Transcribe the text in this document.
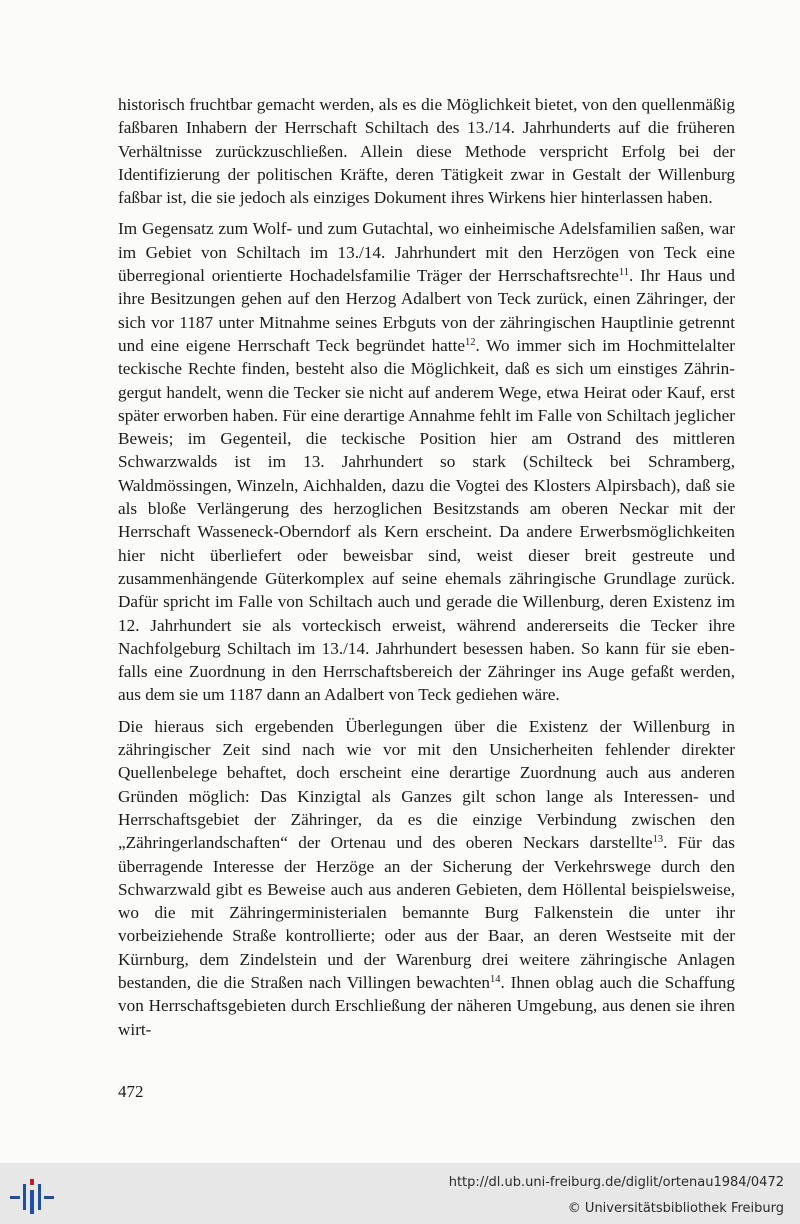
historisch fruchtbar gemacht werden, als es die Möglichkeit bietet, von den quellenmäßig faßbaren Inhabern der Herrschaft Schiltach des 13./14. Jahrhunderts auf die früheren Verhältnisse zurückzuschließen. Allein diese Methode verspricht Erfolg bei der Identifizierung der politischen Kräfte, deren Tätigkeit zwar in Gestalt der Willenburg faßbar ist, die sie jedoch als einziges Dokument ihres Wirkens hier hinterlassen haben.

Im Gegensatz zum Wolf- und zum Gutachtal, wo einheimische Adelsfamilien saßen, war im Gebiet von Schiltach im 13./14. Jahrhundert mit den Herzögen von Teck eine überregional orientierte Hochadelsfamilie Träger der Herrschaftsrechte$^{11}$. Ihr Haus und ihre Besitzungen gehen auf den Herzog Adalbert von Teck zurück, einen Zähringer, der sich vor 1187 unter Mitnahme seines Erbguts von der zähringischen Hauptlinie getrennt und eine eigene Herrschaft Teck begründet hatte$^{12}$. Wo immer sich im Hochmittelalter teckische Rechte finden, besteht also die Möglichkeit, daß es sich um einstiges Zähringergut handelt, wenn die Tecker sie nicht auf anderem Wege, etwa Heirat oder Kauf, erst später erworben haben. Für eine derartige Annahme fehlt im Falle von Schiltach jeglicher Beweis; im Gegenteil, die teckische Position hier am Ostrand des mittleren Schwarzwalds ist im 13. Jahrhundert so stark (Schilteck bei Schramberg, Waldmössingen, Winzeln, Aichhalden, dazu die Vogtei des Klosters Alpirsbach), daß sie als bloße Verlängerung des herzoglichen Besitzstands am oberen Neckar mit der Herrschaft Wasseneck-Oberndorf als Kern erscheint. Da andere Erwerbsmöglichkeiten hier nicht überliefert oder beweisbar sind, weist dieser breit gestreute und zusammenhängende Güterkomplex auf seine ehemals zähringische Grundlage zurück. Dafür spricht im Falle von Schiltach auch und gerade die Willenburg, deren Existenz im 12. Jahrhundert sie als vorteckisch erweist, während andererseits die Tecker ihre Nachfolgeburg Schiltach im 13./14. Jahrhundert besessen haben. So kann für sie ebenfalls eine Zuordnung in den Herrschaftsbereich der Zähringer ins Auge gefaßt werden, aus dem sie um 1187 dann an Adalbert von Teck gediehen wäre.

Die hieraus sich ergebenden Überlegungen über die Existenz der Willenburg in zähringischer Zeit sind nach wie vor mit den Unsicherheiten fehlender direkter Quellenbelege behaftet, doch erscheint eine derartige Zuordnung auch aus anderen Gründen möglich: Das Kinzigtal als Ganzes gilt schon lange als Interessen- und Herrschaftsgebiet der Zähringer, da es die einzige Verbindung zwischen den „Zähringerlandschaften“ der Ortenau und des oberen Neckars darstellte$^{13}$. Für das überragende Interesse der Herzöge an der Sicherung der Verkehrswege durch den Schwarzwald gibt es Beweise auch aus anderen Gebieten, dem Höllental beispielsweise, wo die mit Zähringerministerialen bemannte Burg Falkenstein die unter ihr vorbeiziehende Straße kontrollierte; oder aus der Baar, an deren Westseite mit der Kürnburg, dem Zindelstein und der Warenburg drei weitere zähringische Anlagen bestanden, die die Straßen nach Villingen bewachten$^{14}$. Ihnen oblag auch die Schaffung von Herrschaftsgebieten durch Erschließung der näheren Umgebung, aus denen sie ihren wirt-

472
http://dl.ub.uni-freiburg.de/diglit/ortenau1984/0472
© Universitätsbibliothek Freiburg
